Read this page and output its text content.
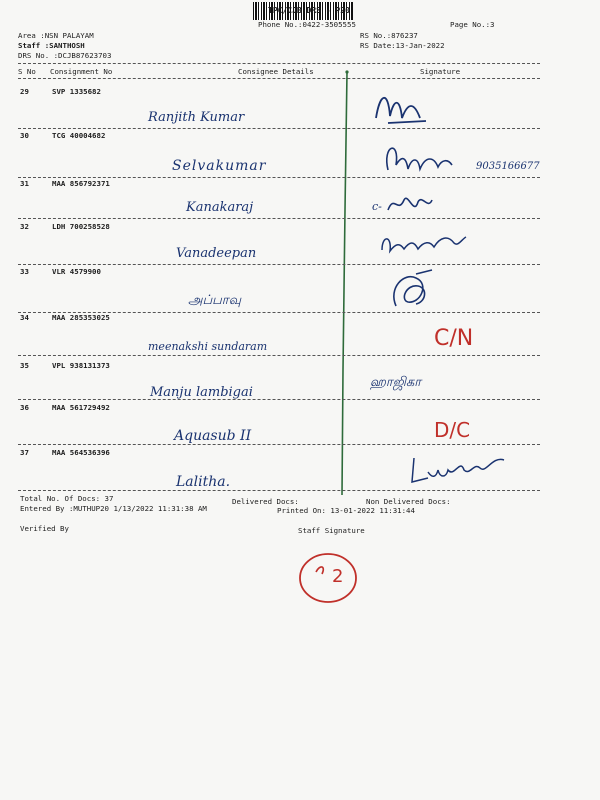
TPC/CJB DRS - P20
Phone No.:0422-3505555	Page No.:3
Area :NSN PALAYAM	RS No.:876237
Staff :SANTHOSH	RS Date:13-Jan-2022
DRS No. :DCJB87623703
S No Consignment No	Consignee Details	Signature
29	SVP 1335682
Ranjith Kumar
30	TCG 40004682
Selvakumar	9035166677
31	MAA 856792371
Kanakaraj	c-
32	LDH 700258528
Vanadeepan
33	VLR 4579900
அப்பாவு
34	MAA 285353025
meenakshi sundaram	C/N
35	VPL 938131373
Manju lambigai
ஹாஜிகா
36	MAA 561729492
Aquasub II	D/C
37	MAA 564536396
Lalitha.
Total No. Of Docs: 37	Delivered Docs:	Non Delivered Docs:
Entered By :MUTHUP20 1/13/2022 11:31:38 AM	Printed On: 13-01-2022 11:31:44
Verified By	Staff Signature
2
